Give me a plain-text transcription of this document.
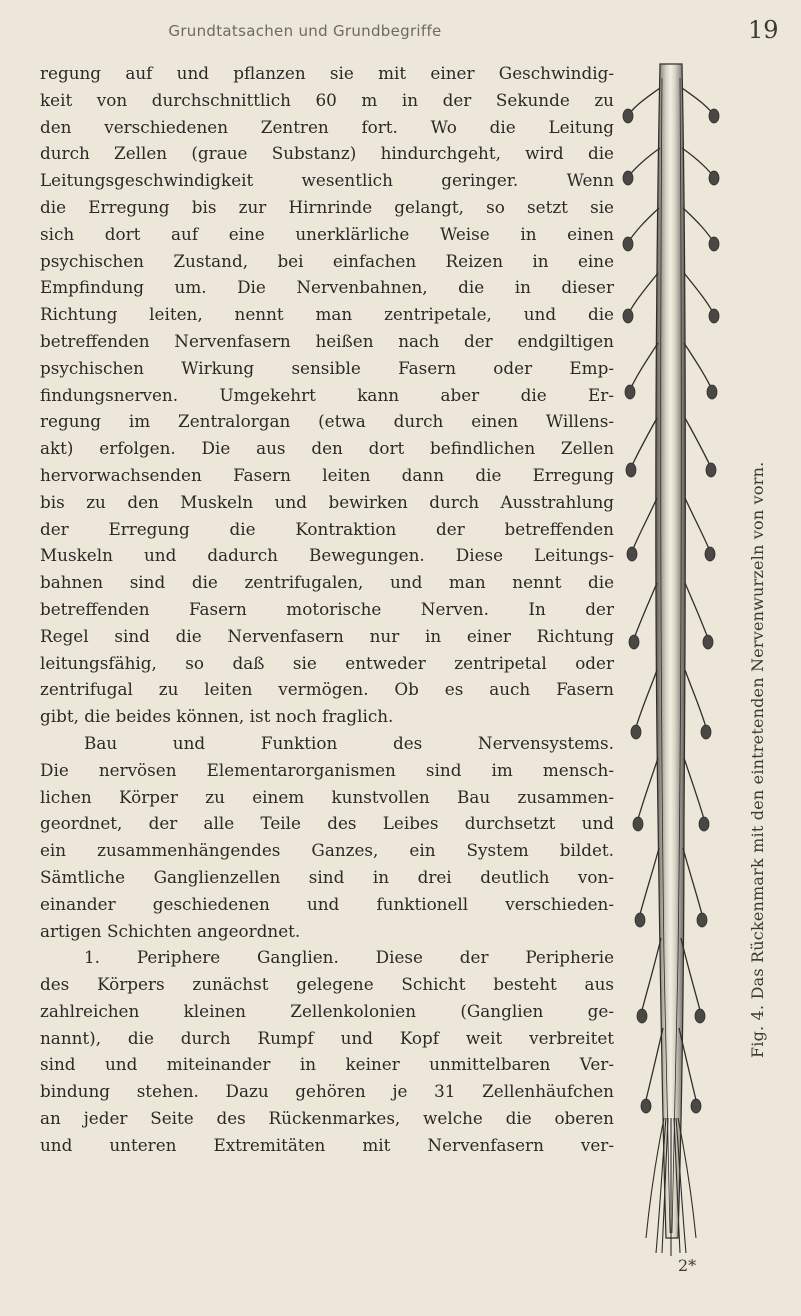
Grundtatsachen und Grundbegriffe	19
regung auf und pflanzen sie mit einer Geschwindig-
keit von durchschnittlich 60 m in der Sekunde zu
den verschiedenen Zentren fort. Wo die Leitung
durch Zellen (graue Substanz) hindurchgeht, wird die
Leitungsgeschwindigkeit wesentlich geringer. Wenn
die Erregung bis zur Hirnrinde gelangt, so setzt sie
sich dort auf eine unerklärliche Weise in einen
psychischen Zustand, bei einfachen Reizen in eine
Empfindung um. Die Nervenbahnen, die in dieser
Richtung leiten, nennt man zentripetale, und die
betreffenden Nervenfasern heißen nach der endgiltigen
psychischen Wirkung sensible Fasern oder Emp-
findungsnerven. Umgekehrt kann aber die Er-
regung im Zentralorgan (etwa durch einen Willens-
akt) erfolgen. Die aus den dort befindlichen Zellen
hervorwachsenden Fasern leiten dann die Erregung
bis zu den Muskeln und bewirken durch Ausstrahlung
der Erregung die Kontraktion der betreffenden
Muskeln und dadurch Bewegungen. Diese Leitungs-
bahnen sind die zentrifugalen, und man nennt die
betreffenden Fasern motorische Nerven. In der
Regel sind die Nervenfasern nur in einer Richtung
leitungsfähig, so daß sie entweder zentripetal oder
zentrifugal zu leiten vermögen. Ob es auch Fasern
gibt, die beides können, ist noch fraglich.
Bau und Funktion des Nervensystems.
Die nervösen Elementarorganismen sind im mensch-
lichen Körper zu einem kunstvollen Bau zusammen-
geordnet, der alle Teile des Leibes durchsetzt und
ein zusammenhängendes Ganzes, ein System bildet.
Sämtliche Ganglienzellen sind in drei deutlich von-
einander geschiedenen und funktionell verschieden-
artigen Schichten angeordnet.
1. Periphere Ganglien. Diese der Peripherie
des Körpers zunächst gelegene Schicht besteht aus
zahlreichen kleinen Zellenkolonien (Ganglien ge-
nannt), die durch Rumpf und Kopf weit verbreitet
sind und miteinander in keiner unmittelbaren Ver-
bindung stehen. Dazu gehören je 31 Zellenhäufchen
an jeder Seite des Rückenmarkes, welche die oberen
und unteren Extremitäten mit Nervenfasern ver-
Fig. 4. Das Rückenmark mit den eintretenden Nervenwurzeln von vorn.
2*
